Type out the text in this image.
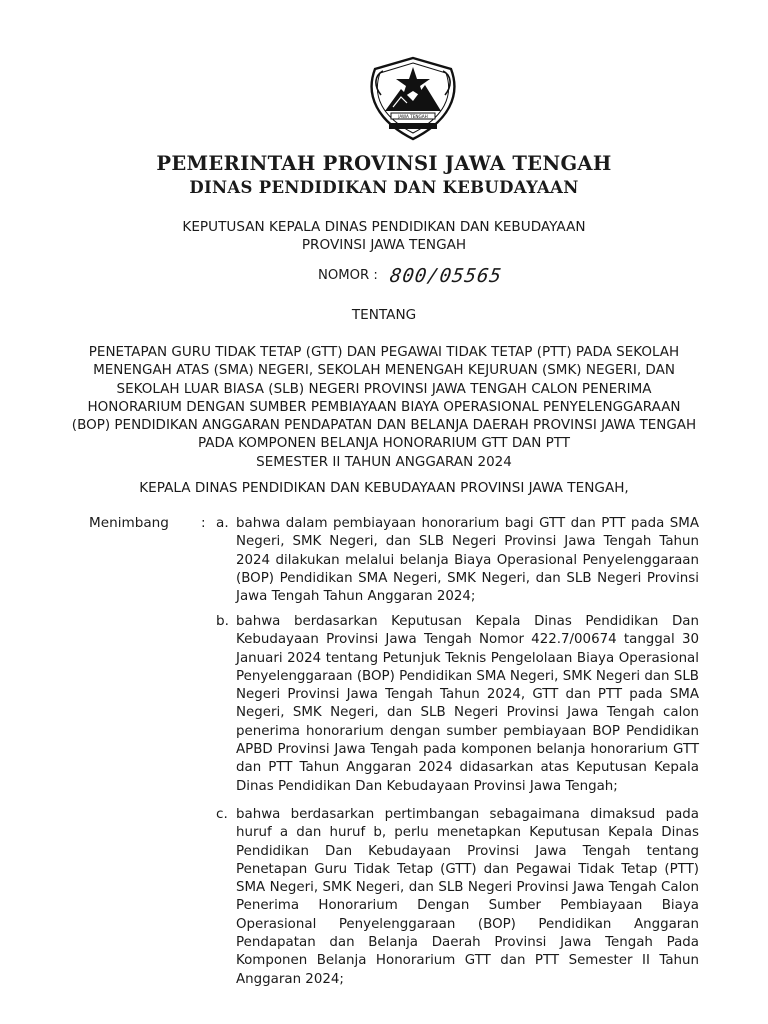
JAWA TENGAH
PEMERINTAH PROVINSI JAWA TENGAH
DINAS PENDIDIKAN DAN KEBUDAYAAN
KEPUTUSAN KEPALA DINAS PENDIDIKAN DAN KEBUDAYAAN
PROVINSI JAWA TENGAH
NOMOR : 800/05565
TENTANG
PENETAPAN GURU TIDAK TETAP (GTT) DAN PEGAWAI TIDAK TETAP (PTT) PADA SEKOLAH
MENENGAH ATAS (SMA) NEGERI, SEKOLAH MENENGAH KEJURUAN (SMK) NEGERI, DAN
SEKOLAH LUAR BIASA (SLB) NEGERI PROVINSI JAWA TENGAH CALON PENERIMA
HONORARIUM DENGAN SUMBER PEMBIAYAAN BIAYA OPERASIONAL PENYELENGGARAAN
(BOP) PENDIDIKAN ANGGARAN PENDAPATAN DAN BELANJA DAERAH PROVINSI JAWA TENGAH
PADA KOMPONEN BELANJA HONORARIUM GTT DAN PTT
SEMESTER II TAHUN ANGGARAN 2024
KEPALA DINAS PENDIDIKAN DAN KEBUDAYAAN PROVINSI JAWA TENGAH,
Menimbang : a. bahwa dalam pembiayaan honorarium bagi GTT dan PTT pada SMA Negeri, SMK Negeri, dan SLB Negeri Provinsi Jawa Tengah Tahun 2024 dilakukan melalui belanja Biaya Operasional Penyelenggaraan (BOP) Pendidikan SMA Negeri, SMK Negeri, dan SLB Negeri Provinsi Jawa Tengah Tahun Anggaran 2024;
b. bahwa berdasarkan Keputusan Kepala Dinas Pendidikan Dan Kebudayaan Provinsi Jawa Tengah Nomor 422.7/00674 tanggal 30 Januari 2024 tentang Petunjuk Teknis Pengelolaan Biaya Operasional Penyelenggaraan (BOP) Pendidikan SMA Negeri, SMK Negeri dan SLB Negeri Provinsi Jawa Tengah Tahun 2024, GTT dan PTT pada SMA Negeri, SMK Negeri, dan SLB Negeri Provinsi Jawa Tengah calon penerima honorarium dengan sumber pembiayaan BOP Pendidikan APBD Provinsi Jawa Tengah pada komponen belanja honorarium GTT dan PTT Tahun Anggaran 2024 didasarkan atas Keputusan Kepala Dinas Pendidikan Dan Kebudayaan Provinsi Jawa Tengah;
c. bahwa berdasarkan pertimbangan sebagaimana dimaksud pada huruf a dan huruf b, perlu menetapkan Keputusan Kepala Dinas Pendidikan Dan Kebudayaan Provinsi Jawa Tengah tentang Penetapan Guru Tidak Tetap (GTT) dan Pegawai Tidak Tetap (PTT) SMA Negeri, SMK Negeri, dan SLB Negeri Provinsi Jawa Tengah Calon Penerima Honorarium Dengan Sumber Pembiayaan Biaya Operasional Penyelenggaraan (BOP) Pendidikan Anggaran Pendapatan dan Belanja Daerah Provinsi Jawa Tengah Pada Komponen Belanja Honorarium GTT dan PTT Semester II Tahun Anggaran 2024;
